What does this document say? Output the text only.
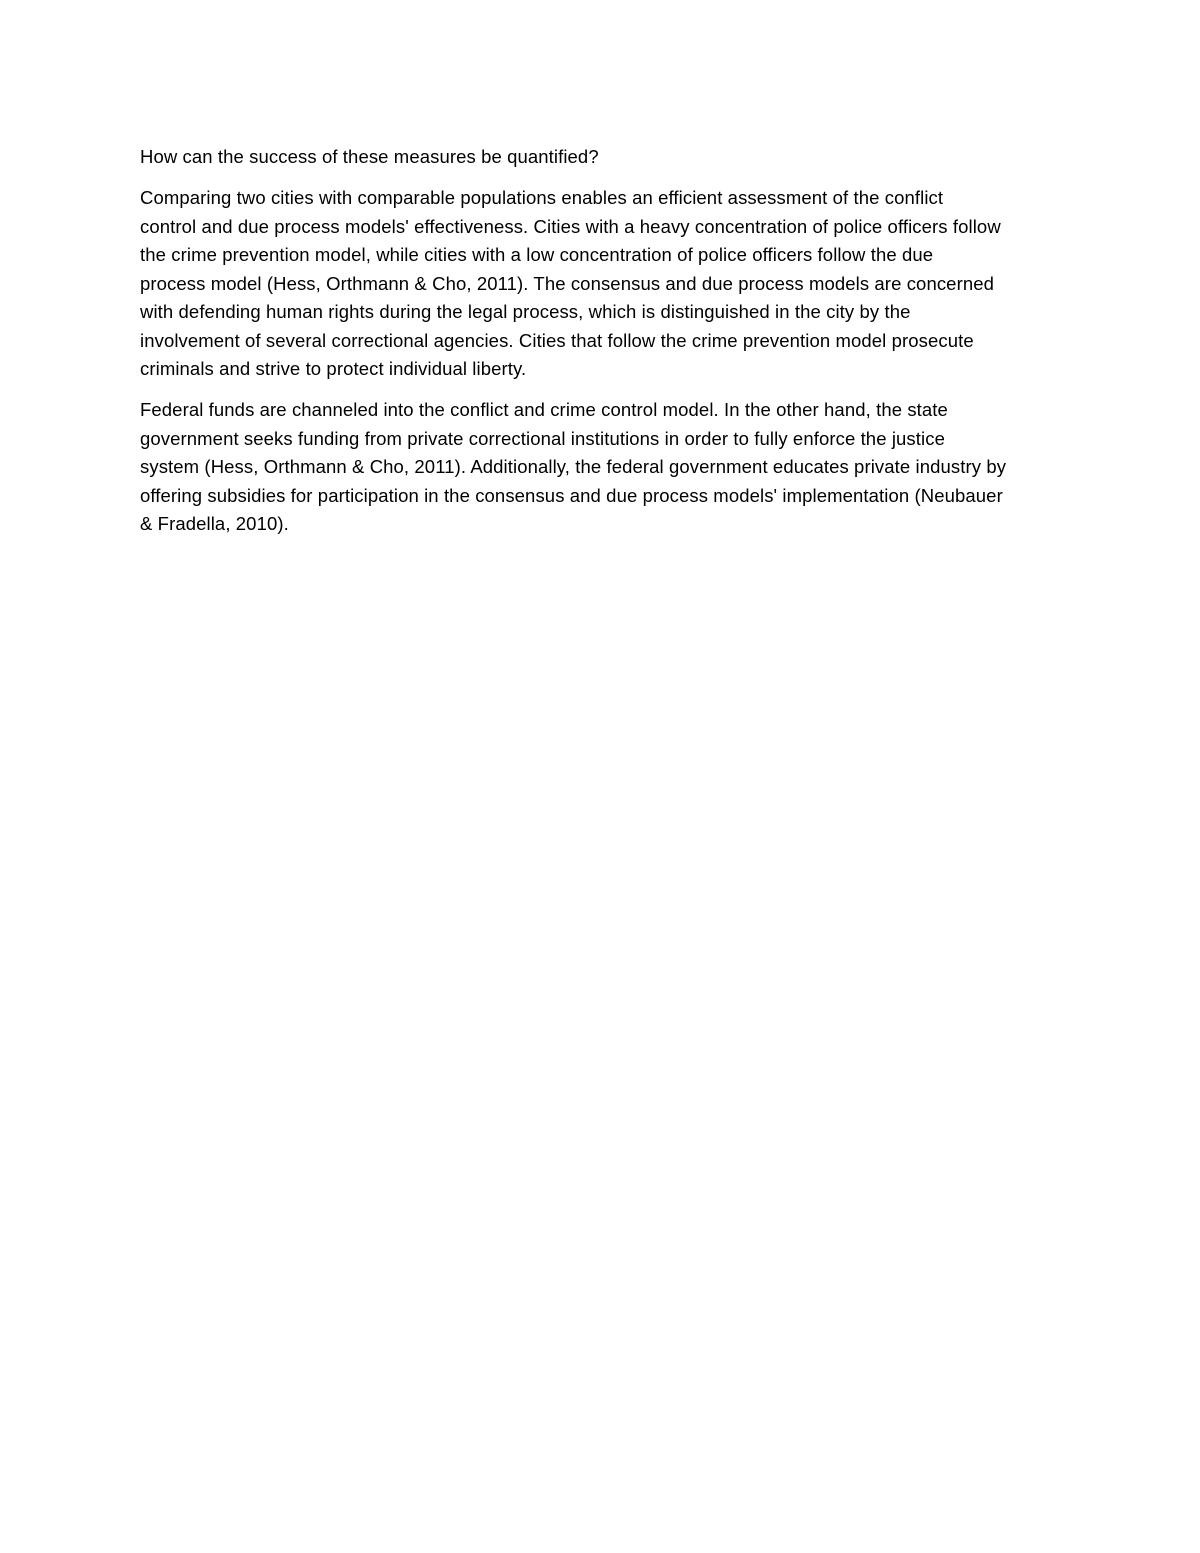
How can the success of these measures be quantified?

Comparing two cities with comparable populations enables an efficient assessment of the conflict
control and due process models' effectiveness. Cities with a heavy concentration of police officers follow
the crime prevention model, while cities with a low concentration of police officers follow the due
process model (Hess, Orthmann & Cho, 2011). The consensus and due process models are concerned
with defending human rights during the legal process, which is distinguished in the city by the
involvement of several correctional agencies. Cities that follow the crime prevention model prosecute
criminals and strive to protect individual liberty.

Federal funds are channeled into the conflict and crime control model. In the other hand, the state
government seeks funding from private correctional institutions in order to fully enforce the justice
system (Hess, Orthmann & Cho, 2011). Additionally, the federal government educates private industry by
offering subsidies for participation in the consensus and due process models' implementation (Neubauer
& Fradella, 2010).
